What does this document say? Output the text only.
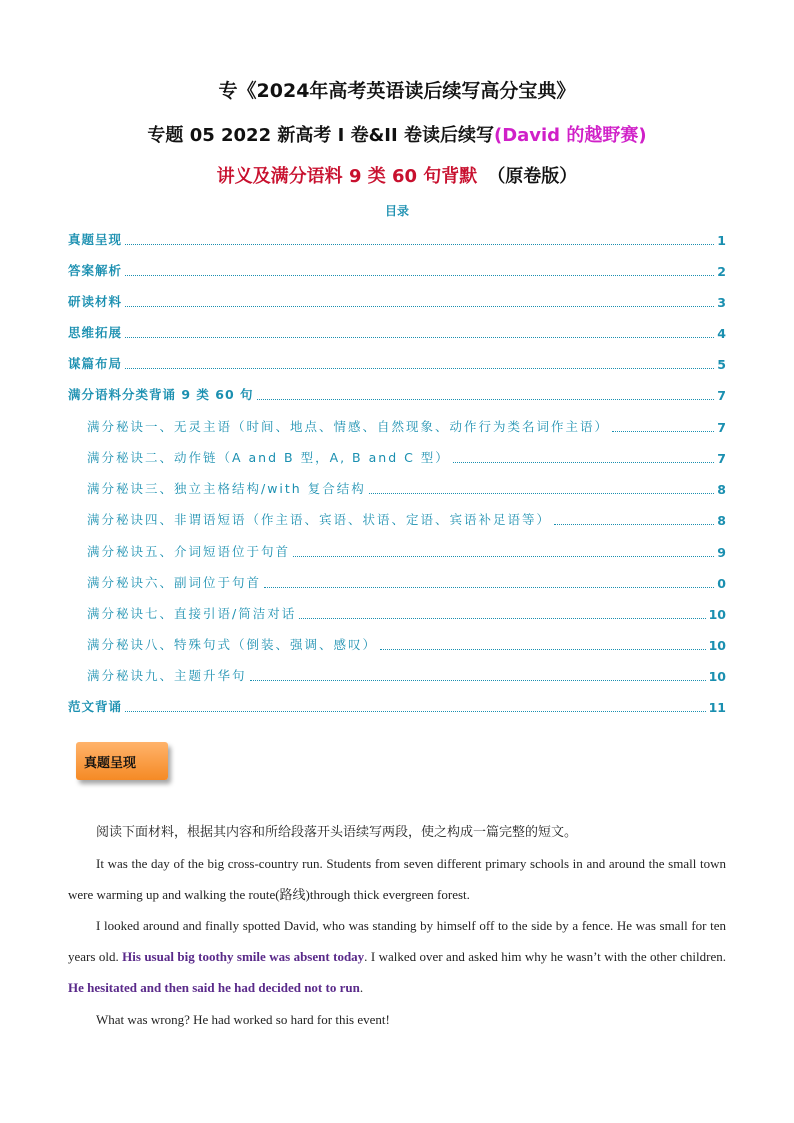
专《2024年高考英语读后续写高分宝典》
专题 05 2022 新高考 I 卷&II 卷读后续写(David 的越野赛)
讲义及满分语料 9 类 60 句背默 （原卷版）
目录
真题呈现	1
答案解析	2
研读材料	3
思维拓展	4
谋篇布局	5
满分语料分类背诵 9 类 60 句	7
满分秘诀一、无灵主语（时间、地点、情感、自然现象、动作行为类名词作主语）	7
满分秘诀二、动作链（A and B 型，A, B and C 型）	7
满分秘诀三、独立主格结构/with 复合结构	8
满分秘诀四、非谓语短语（作主语、宾语、状语、定语、宾语补足语等）	8
满分秘诀五、介词短语位于句首	9
满分秘诀六、副词位于句首	0
满分秘诀七、直接引语/简洁对话	10
满分秘诀八、特殊句式（倒装、强调、感叹）	10
满分秘诀九、主题升华句	10
范文背诵	11
真题呈现
阅读下面材料，根据其内容和所给段落开头语续写两段，使之构成一篇完整的短文。
It was the day of the big cross-country run. Students from seven different primary schools in and around the small town were warming up and walking the route(路线)through thick evergreen forest.
I looked around and finally spotted David, who was standing by himself off to the side by a fence. He was small for ten years old. His usual big toothy smile was absent today. I walked over and asked him why he wasn’t with the other children. He hesitated and then said he had decided not to run.
What was wrong? He had worked so hard for this event!
